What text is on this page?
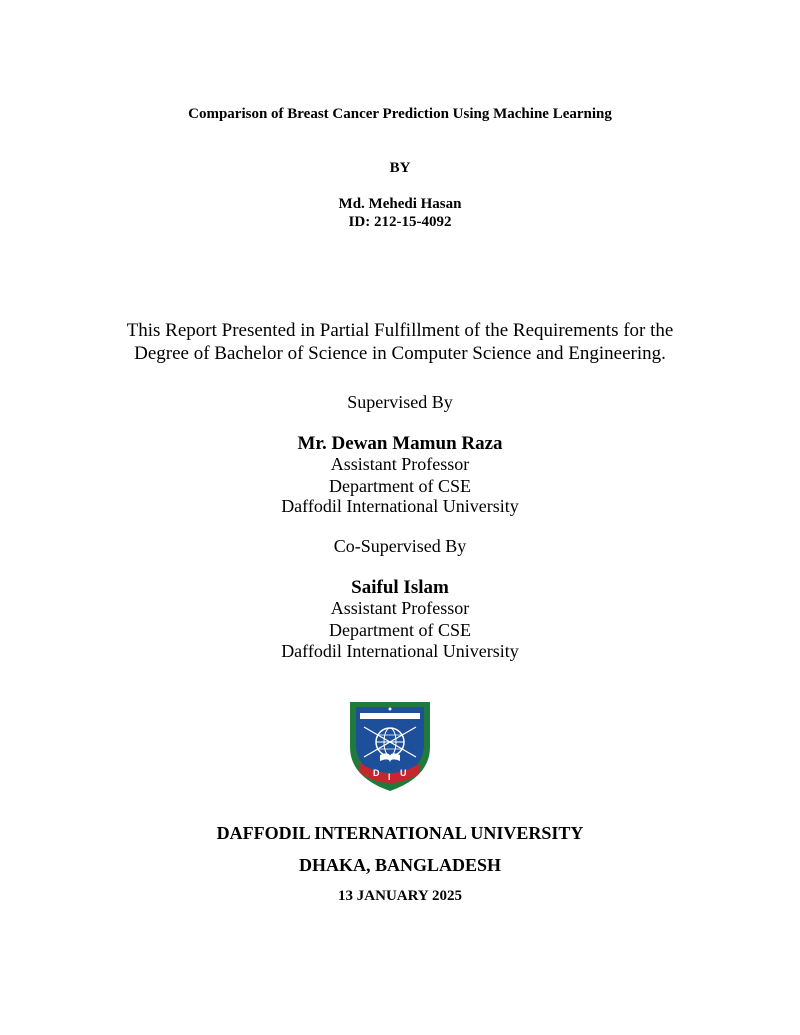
Comparison of Breast Cancer Prediction Using Machine Learning
BY
Md. Mehedi Hasan
ID: 212-15-4092
This Report Presented in Partial Fulfillment of the Requirements for the
Degree of Bachelor of Science in Computer Science and Engineering.
Supervised By
Mr. Dewan Mamun Raza
Assistant Professor
Department of CSE
Daffodil International University
Co-Supervised By
Saiful Islam
Assistant Professor
Department of CSE
Daffodil International University
D I U
DAFFODIL INTERNATIONAL UNIVERSITY
DHAKA, BANGLADESH
13 JANUARY 2025
